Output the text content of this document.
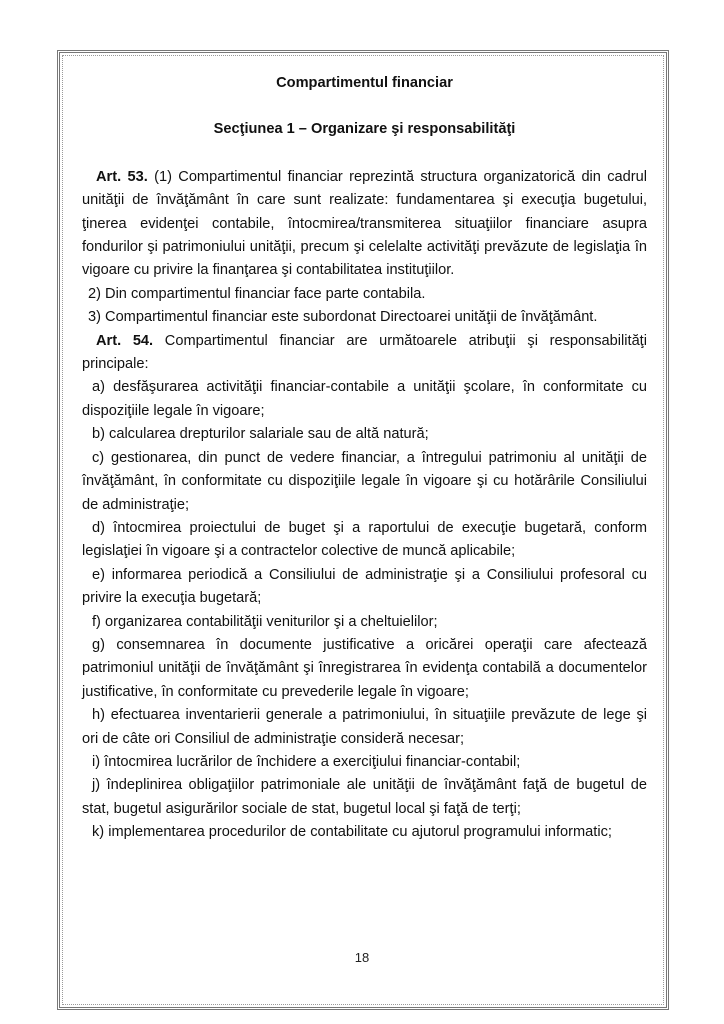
Compartimentul financiar

Secţiunea 1 – Organizare şi responsabilităţi

Art. 53. (1) Compartimentul financiar reprezintă structura organizatorică din cadrul unităţii de învăţământ în care sunt realizate: fundamentarea şi execuţia bugetului, ţinerea evidenţei contabile, întocmirea/transmiterea situaţiilor financiare asupra fondurilor şi patrimoniului unităţii, precum şi celelalte activităţi prevăzute de legislaţia în vigoare cu privire la finanţarea şi contabilitatea instituţiilor.

2) Din compartimentul financiar face parte contabila.

3) Compartimentul financiar este subordonat Directoarei unităţii de învăţământ.

Art. 54. Compartimentul financiar are următoarele atribuţii şi responsabilităţi principale:

a) desfăşurarea activităţii financiar-contabile a unităţii şcolare, în conformitate cu dispoziţiile legale în vigoare;

b) calcularea drepturilor salariale sau de altă natură;

c) gestionarea, din punct de vedere financiar, a întregului patrimoniu al unităţii de învăţământ, în conformitate cu dispoziţiile legale în vigoare şi cu hotărârile Consiliului de administraţie;

d) întocmirea proiectului de buget şi a raportului de execuţie bugetară, conform legislaţiei în vigoare şi a contractelor colective de muncă aplicabile;

e) informarea periodică a Consiliului de administraţie şi a Consiliului profesoral cu privire la execuţia bugetară;

f) organizarea contabilităţii veniturilor şi a cheltuielilor;

g) consemnarea în documente justificative a oricărei operaţii care afectează patrimoniul unităţii de învăţământ şi înregistrarea în evidenţa contabilă a documentelor justificative, în conformitate cu prevederile legale în vigoare;

h) efectuarea inventarierii generale a patrimoniului, în situaţiile prevăzute de lege şi ori de câte ori Consiliul de administraţie consideră necesar;

i) întocmirea lucrărilor de închidere a exerciţiului financiar-contabil;

j) îndeplinirea obligaţiilor patrimoniale ale unităţii de învăţământ faţă de bugetul de stat, bugetul asigurărilor sociale de stat, bugetul local şi faţă de terţi;

k) implementarea procedurilor de contabilitate cu ajutorul programului informatic;

18
